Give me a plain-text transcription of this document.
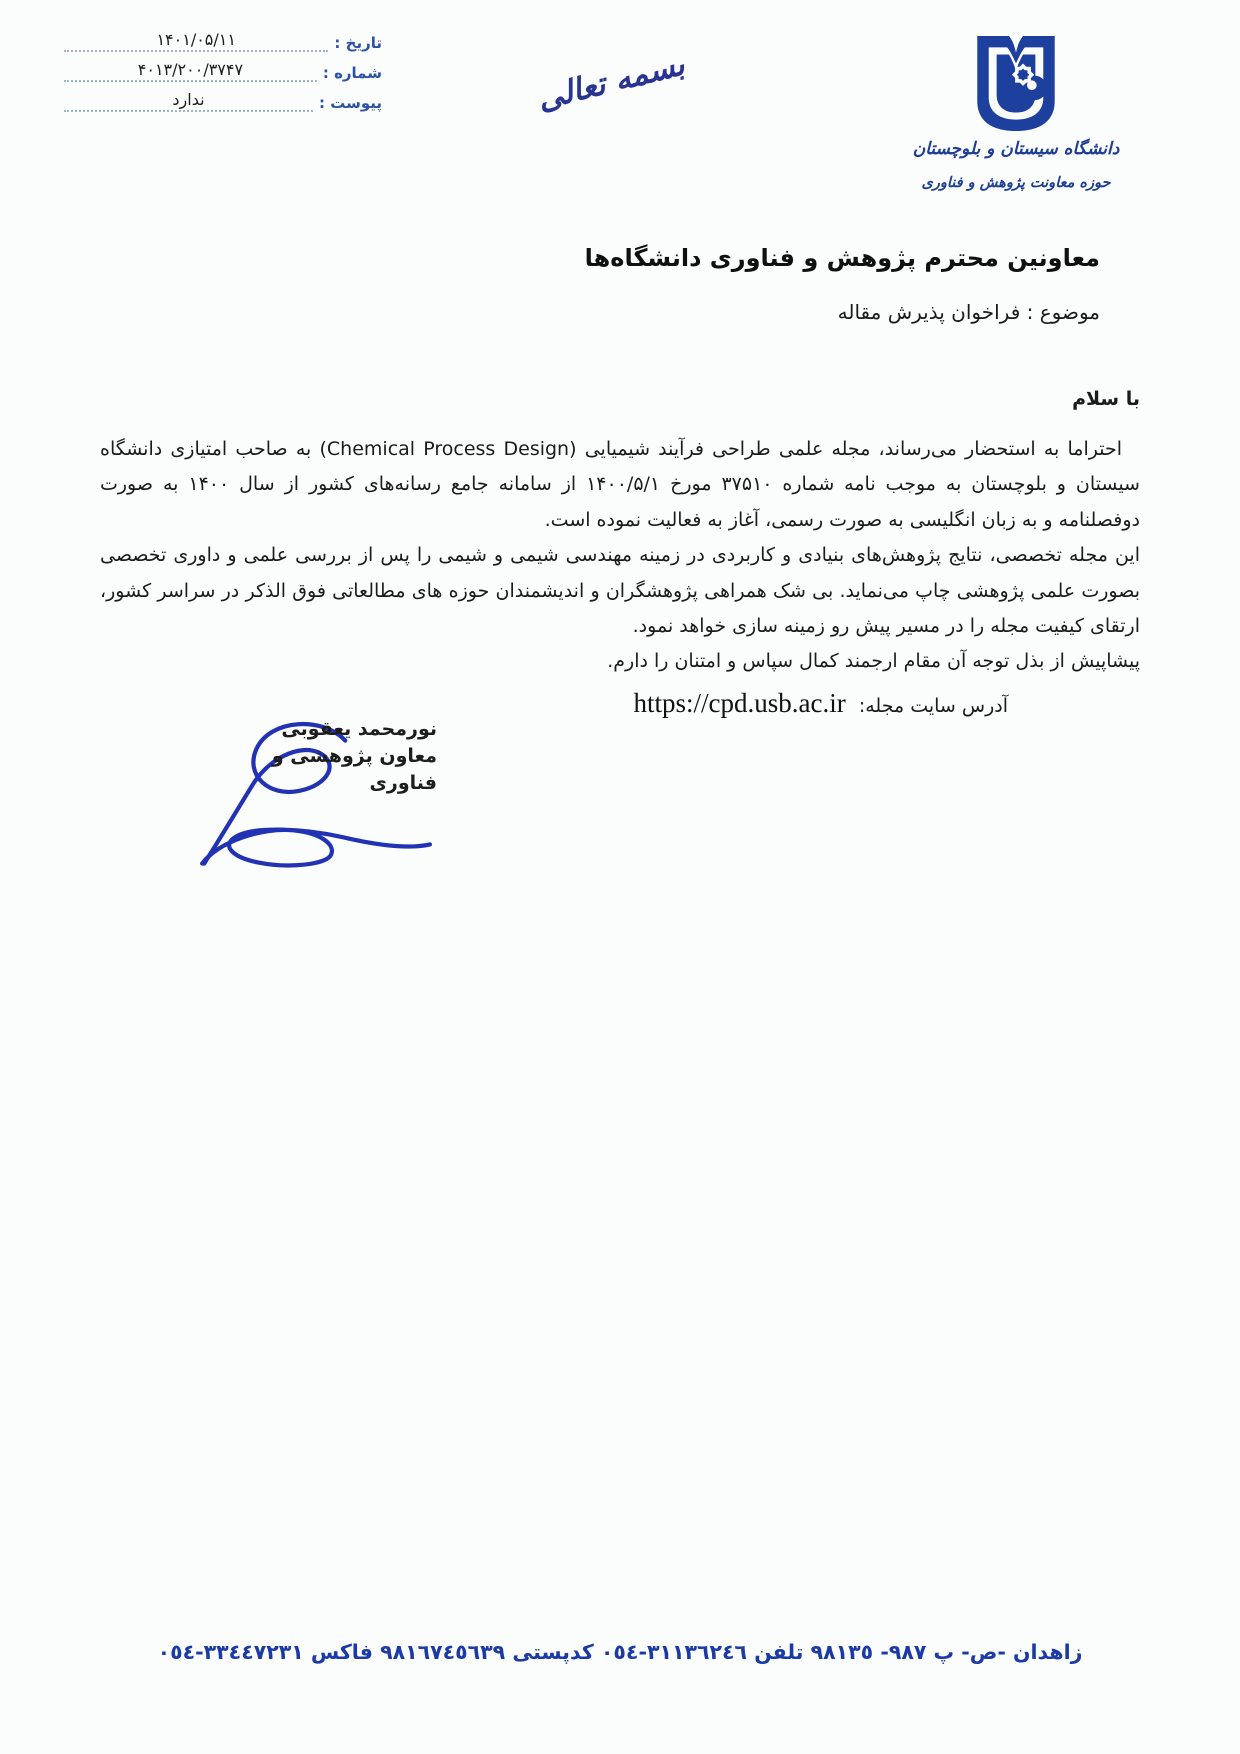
تاریخ :
۱۴۰۱/۰۵/۱۱
شماره :
۴۰۱۳/۲۰۰/۳۷۴۷
پیوست :
ندارد	بسمه تعالی
دانشگاه سیستان و بلوچستان
حوزه معاونت پژوهش و فناوری
معاونین محترم پژوهش و فناوری دانشگاه‌ها
موضوع : فراخوان پذیرش مقاله
با سلام

احتراما به استحضار می‌رساند، مجله علمی طراحی فرآیند شیمیایی (Chemical Process Design) به صاحب امتیازی دانشگاه سیستان و بلوچستان به موجب نامه شماره ۳۷۵۱۰ مورخ ۱۴۰۰/۵/۱ از سامانه جامع رسانه‌های کشور از سال ۱۴۰۰ به صورت دوفصلنامه و به زبان انگلیسی به صورت رسمی، آغاز به فعالیت نموده است.

این مجله تخصصی، نتایج پژوهش‌های بنیادی و کاربردی در زمینه مهندسی شیمی و شیمی را پس از بررسی علمی و داوری تخصصی بصورت علمی پژوهشی چاپ می‌نماید. بی شک همراهی پژوهشگران و اندیشمندان حوزه های مطالعاتی فوق الذکر در سراسر کشور، ارتقای کیفیت مجله را در مسیر پیش رو زمینه سازی خواهد نمود.

پیشاپیش از بذل توجه آن مقام ارجمند کمال سپاس و امتنان را دارم.

آدرس سایت مجله: https://cpd.usb.ac.ir
نورمحمد یعقوبی
معاون پژوهشی و فناوری
زاهدان -ص- پ ٩٨٧- ٩٨١٣٥ تلفن ٣١١٣٦٢٤٦-٠٥٤ کدپستی ٩٨١٦٧٤٥٦٣٩ فاکس ٣٣٤٤٧٢٣١-٠٥٤
